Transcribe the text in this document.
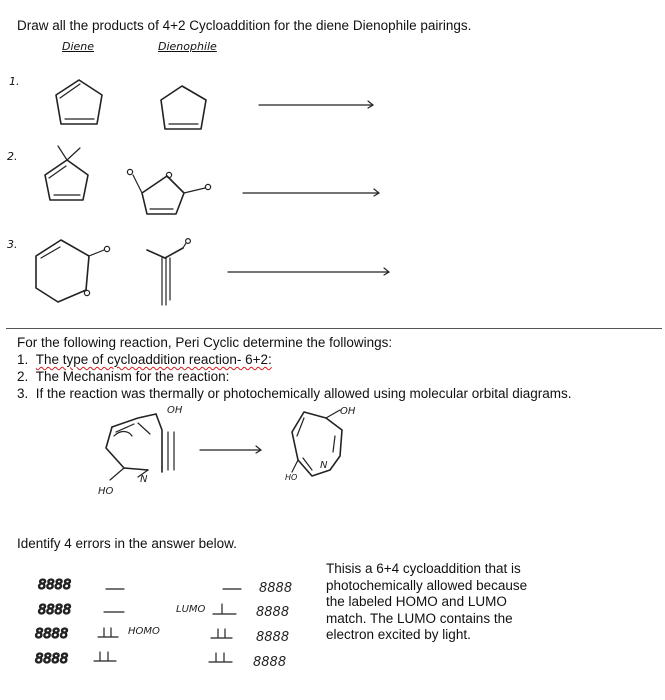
Draw all the products of 4+2 Cycloaddition for the diene Dienophile pairings.
Diene	Dienophile
1.
2.
3.
HO
OH
N
OH
HO
N
8888
8888
8888
8888
8888
8888
8888
8888
HOMO
LUMO
For the following reaction, Peri Cyclic determine the followings:
1. The type of cycloaddition reaction- 6+2:
2. The Mechanism for the reaction:
3. If the reaction was thermally or photochemically allowed using molecular orbital diagrams.
Identify 4 errors in the answer below.
Thisis a 6+4 cycloaddition that is photochemically allowed because the labeled HOMO and LUMO match. The LUMO contains the electron excited by light.
